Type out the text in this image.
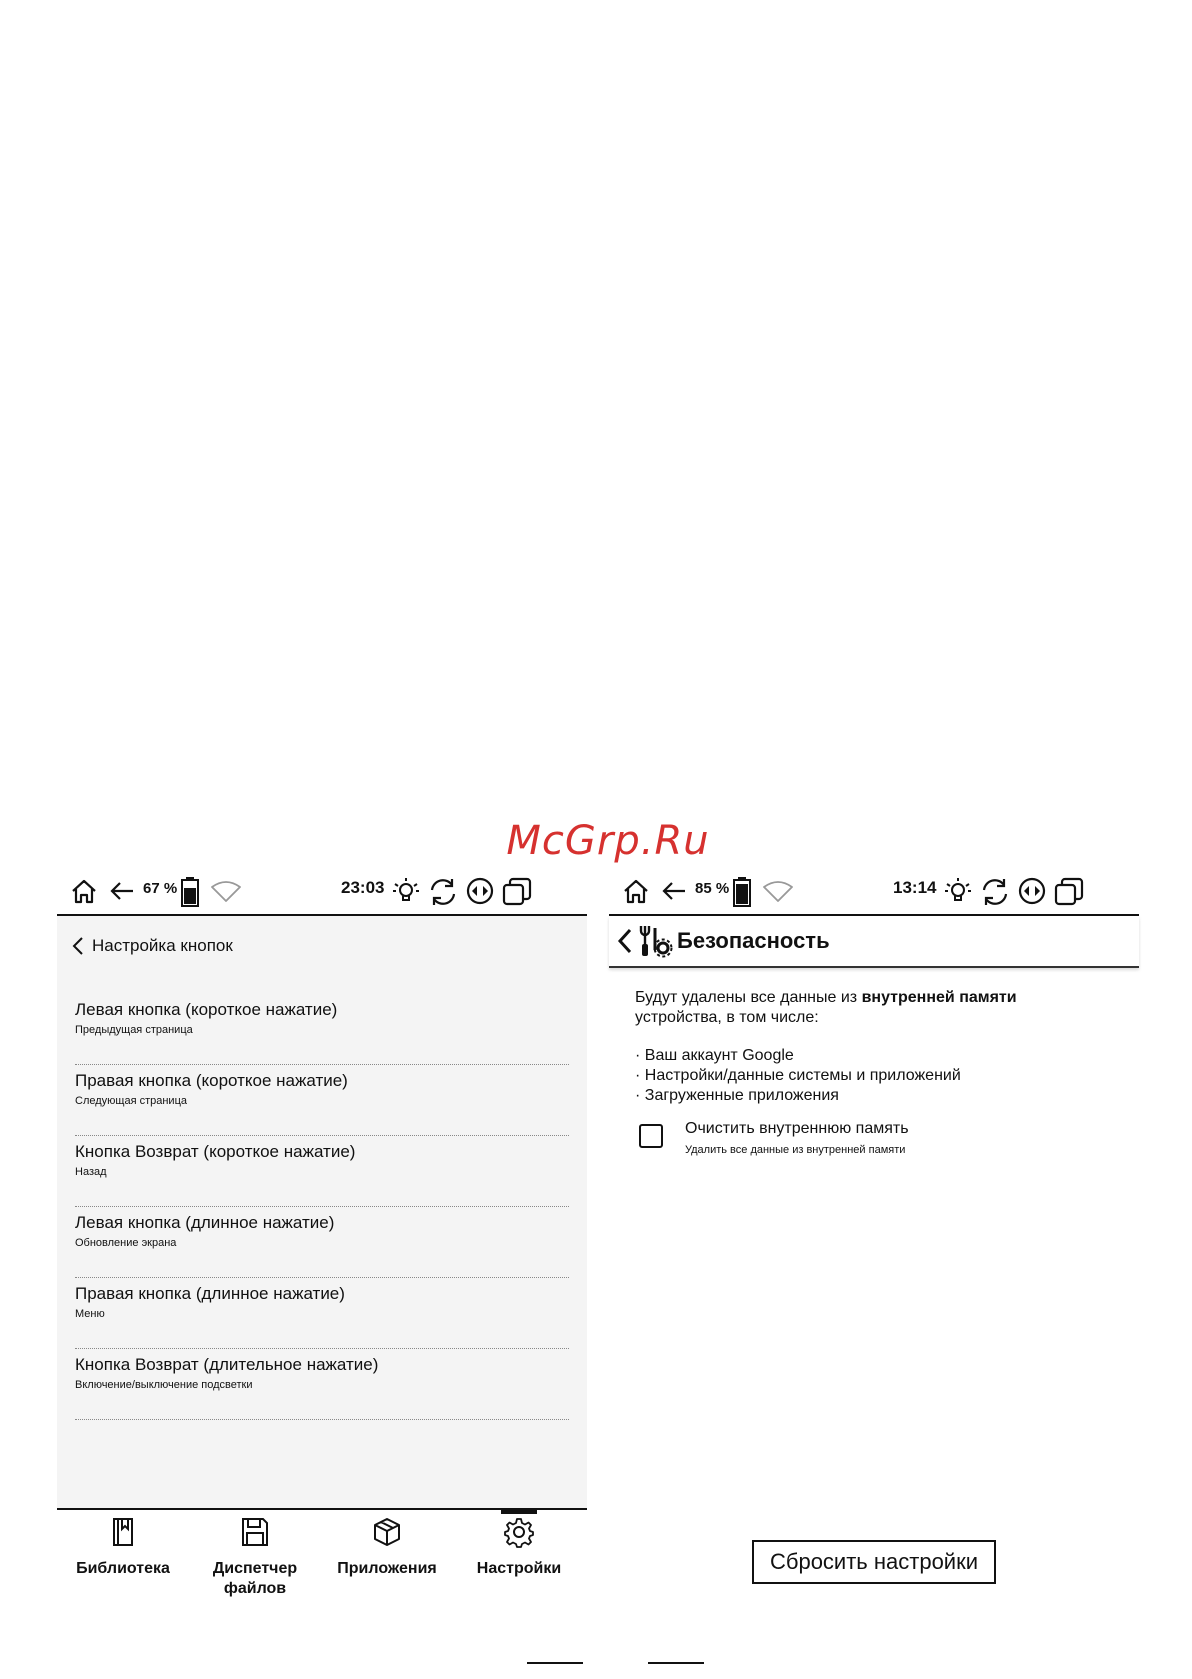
McGrp.Ru
67 %	23:03
Настройка кнопок
Левая кнопка (короткое нажатие)
Предыдущая страница
Правая кнопка (короткое нажатие)
Следующая страница
Кнопка Возврат (короткое нажатие)
Назад
Левая кнопка (длинное нажатие)
Обновление экрана
Правая кнопка (длинное нажатие)
Меню
Кнопка Возврат (длительное нажатие)
Включение/выключение подсветки
Библиотека	Диспетчер файлов
Приложения	Настройки
85 %	13:14
Безопасность

Будут удалены все данные из внутренней памяти

устройства, в том числе:

· Ваш аккаунт Google

· Настройки/данные системы и приложений

· Загруженные приложения

Очистить внутреннюю память
Удалить все данные из внутренней памяти
Сбросить настройки
